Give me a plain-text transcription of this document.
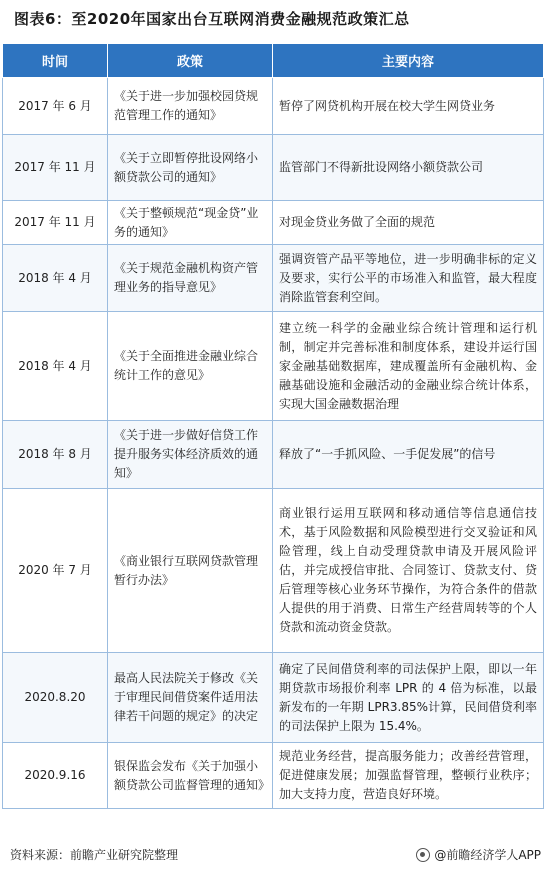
图表6：至2020年国家出台互联网消费金融规范政策汇总
时间	政策	主要内容
2017 年 6 月	《关于进一步加强校园贷规范管理工作的通知》	暂停了网贷机构开展在校大学生网贷业务
2017 年 11 月	《关于立即暂停批设网络小额贷款公司的通知》	监管部门不得新批设网络小额贷款公司
2017 年 11 月	《关于整顿规范“现金贷”业务的通知》	对现金贷业务做了全面的规范
2018 年 4 月	《关于规范金融机构资产管理业务的指导意见》	强调资管产品平等地位，进一步明确非标的定义及要求，实行公平的市场准入和监管，最大程度消除监管套利空间。
2018 年 4 月	《关于全面推进金融业综合统计工作的意见》	建立统一科学的金融业综合统计管理和运行机制，制定并完善标准和制度体系，建设并运行国家金融基础数据库，建成覆盖所有金融机构、金融基础设施和金融活动的金融业综合统计体系，实现大国金融数据治理
2018 年 8 月	《关于进一步做好信贷工作提升服务实体经济质效的通知》	释放了“一手抓风险、一手促发展”的信号
2020 年 7 月	《商业银行互联网贷款管理暂行办法》	商业银行运用互联网和移动通信等信息通信技术，基于风险数据和风险模型进行交叉验证和风险管理，线上自动受理贷款申请及开展风险评估，并完成授信审批、合同签订、贷款支付、贷后管理等核心业务环节操作，为符合条件的借款人提供的用于消费、日常生产经营周转等的个人贷款和流动资金贷款。
2020.8.20	最高人民法院关于修改《关于审理民间借贷案件适用法律若干问题的规定》的决定	确定了民间借贷利率的司法保护上限，即以一年期贷款市场报价利率 LPR 的 4 倍为标准，以最新发布的一年期 LPR3.85%计算，民间借贷利率的司法保护上限为 15.4%。
2020.9.16	银保监会发布《关于加强小额贷款公司监督管理的通知》	规范业务经营，提高服务能力；改善经营管理，促进健康发展；加强监督管理，整顿行业秩序；加大支持力度，营造良好环境。
资料来源：前瞻产业研究院整理	@前瞻经济学人APP
